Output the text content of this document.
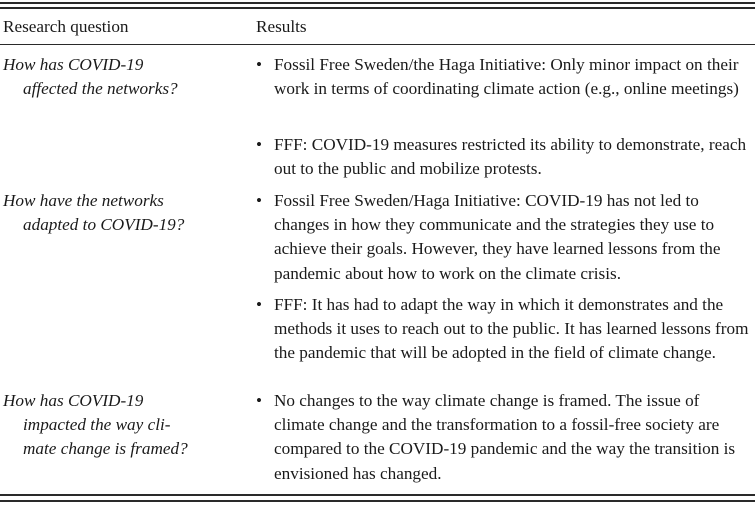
Research question	Results
How has COVID-19
affected the networks?
• Fossil Free Sweden/the Haga Initiative: Only minor impact on their work in terms of coordinating climate action (e.g., online meetings)
• FFF: COVID-19 measures restricted its ability to demonstrate, reach out to the public and mobilize protests.
How have the networks
adapted to COVID-19?
• Fossil Free Sweden/Haga Initiative: COVID-19 has not led to changes in how they communicate and the strategies they use to achieve their goals. However, they have learned lessons from the pandemic about how to work on the climate crisis.
• FFF: It has had to adapt the way in which it demonstrates and the methods it uses to reach out to the public. It has learned lessons from the pandemic that will be adopted in the field of climate change.
How has COVID-19
impacted the way cli-
mate change is framed?
• No changes to the way climate change is framed. The issue of climate change and the transformation to a fossil-free society are compared to the COVID-19 pandemic and the way the transition is envisioned has changed.
